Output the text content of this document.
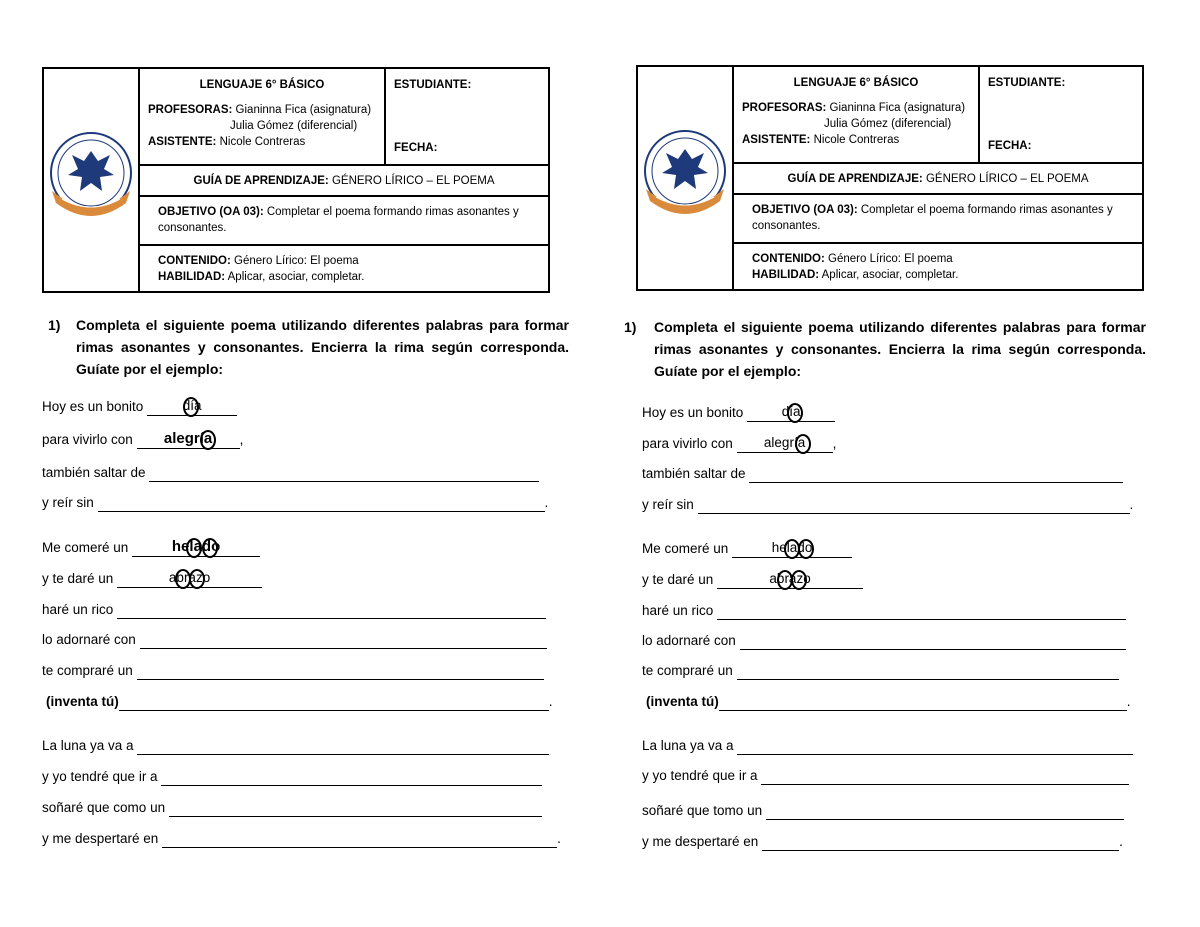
LENGUAJE 6° BÁSICO
PROFESORAS: Gianinna Fica (asignatura)
Julia Gómez (diferencial)
ASISTENTE: Nicole Contreras
ESTUDIANTE:
FECHA:
GUÍA DE APRENDIZAJE: GÉNERO LÍRICO – EL POEMA
OBJETIVO (OA 03): Completar el poema formando rimas asonantes y consonantes.
CONTENIDO: Género Lírico: El poema
HABILIDAD: Aplicar, asociar, completar.
1) Completa el siguiente poema utilizando diferentes palabras para formar rimas asonantes y consonantes. Encierra la rima según corresponda. Guíate por el ejemplo:
Hoy es un bonito	día
para vivirlo con alegría ,
también saltar de
y reír sin	.
Me comeré un	helado
y te daré un	abrazo
haré un rico
lo adornaré con
te compraré un
(inventa tú)	.
La luna ya va a
y yo tendré que ir a
soñaré que como un
y me despertaré en	.
LENGUAJE 6° BÁSICO
PROFESORAS: Gianinna Fica (asignatura)
Julia Gómez (diferencial)
ASISTENTE: Nicole Contreras
ESTUDIANTE:
FECHA:
GUÍA DE APRENDIZAJE: GÉNERO LÍRICO – EL POEMA
OBJETIVO (OA 03): Completar el poema formando rimas asonantes y consonantes.
CONTENIDO: Género Lírico: El poema
HABILIDAD: Aplicar, asociar, completar.
1) Completa el siguiente poema utilizando diferentes palabras para formar rimas asonantes y consonantes. Encierra la rima según corresponda. Guíate por el ejemplo:
Hoy es un bonito	día
para vivirlo con alegría ,
también saltar de
y reír sin	.
Me comeré un	helado
y te daré un	abrazo
haré un rico
lo adornaré con
te compraré un
(inventa tú)	.
La luna ya va a
y yo tendré que ir a
soñaré que tomo un
y me despertaré en	.
